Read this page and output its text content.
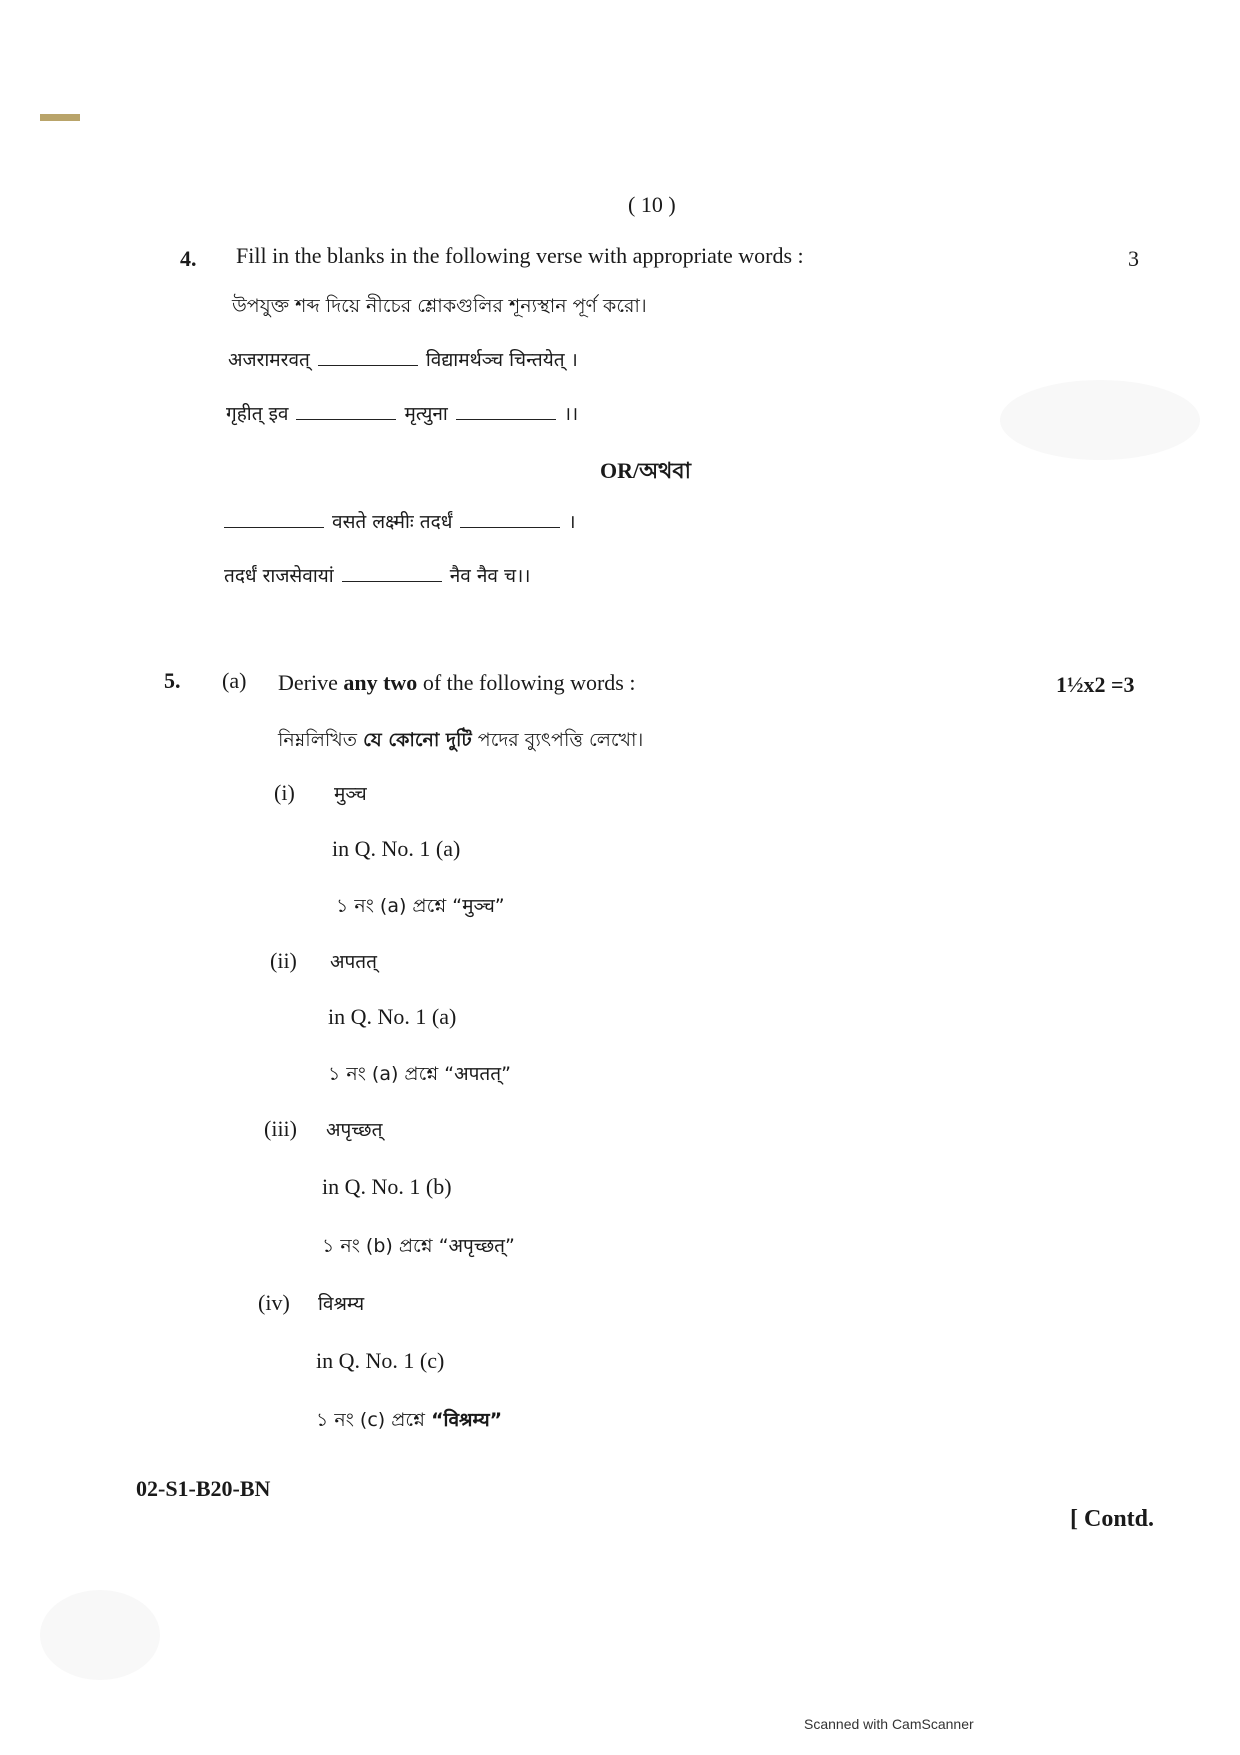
( 10 )
4. Fill in the blanks in the following verse with appropriate words :	3
উপযুক্ত শব্দ দিয়ে নীচের শ্লোকগুলির শূন্যস্থান পূর্ণ করো।
अजरामरवत्	विद्यामर्थञ्च चिन्तयेत् ।
गृहीत् इव	मृत्युना	।।
OR/অথবা
वसते लक्ष्मीः तदर्धं	।
तदर्धं राजसेवायां	नैव नैव च।।
5. (a) Derive any two of the following words :	1½x2 =3
নিম্নলিখিত যে কোনো দুটি পদের ব্যুৎপত্তি লেখো।
(i) मुञ्च
in Q. No. 1 (a)
১ নং (a) প্রশ্নে “मुञ्च”
(ii) अपतत्
in Q. No. 1 (a)
১ নং (a) প্রশ্নে “अपतत्”
(iii) अपृच्छत्
in Q. No. 1 (b)
১ নং (b) প্রশ্নে “अपृच्छत्”
(iv) विश्रम्य
in Q. No. 1 (c)
১ নং (c) প্রশ্নে “विश्रम्य”
02-S1-B20-BN
[ Contd.
Scanned with CamScanner
